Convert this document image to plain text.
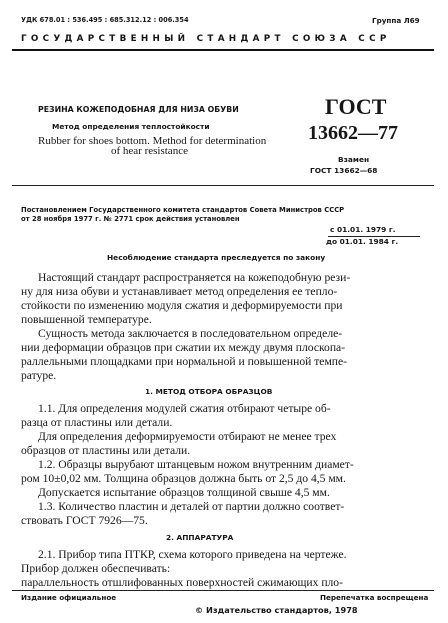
УДК 678.01 : 536.495 : 685.312.12 : 006.354	Группа Л69
ГОСУДАРСТВЕННЫЙ СТАНДАРТ СОЮЗА ССР
РЕЗИНА КОЖЕПОДОБНАЯ ДЛЯ НИЗА ОБУВИ
Метод определения теплостойкости
Rubber for shoes bottom. Method for determination
of hear resistance
ГОСТ
13662—77
Взамен
ГОСТ 13662—68
Постановлением Государственного комитета стандартов Совета Министров СССР
от 28 ноября 1977 г. № 2771 срок действия установлен
с 01.01. 1979 г.
до 01.01. 1984 г.
Несоблюдение стандарта преследуется по закону
Настоящий стандарт распространяется на кожеподобную рези-
ну для низа обуви и устанавливает метод определения ее тепло-
стойкости по изменению модуля сжатия и деформируемости при
повышенной температуре.
Сущность метода заключается в последовательном определе-
нии деформации образцов при сжатии их между двумя плоскопа-
раллельными площадками при нормальной и повышенной темпе-
ратуре.
1. МЕТОД ОТБОРА ОБРАЗЦОВ
1.1. Для определения модулей сжатия отбирают четыре об-
разца от пластины или детали.
Для определения деформируемости отбирают не менее трех
образцов от пластины или детали.
1.2. Образцы вырубают штанцевым ножом внутренним диамет-
ром 10±0,02 мм. Толщина образцов должна быть от 2,5 до 4,5 мм.
Допускается испытание образцов толщиной свыше 4,5 мм.
1.3. Количество пластин и деталей от партии должно соответ-
ствовать ГОСТ 7926—75.
2. АППАРАТУРА
2.1. Прибор типа ПТКР, схема которого приведена на чертеже.
Прибор должен обеспечивать:
параллельность отшлифованных поверхностей сжимающих пло-
Издание официальное	Перепечатка воспрещена
© Издательство стандартов, 1978
